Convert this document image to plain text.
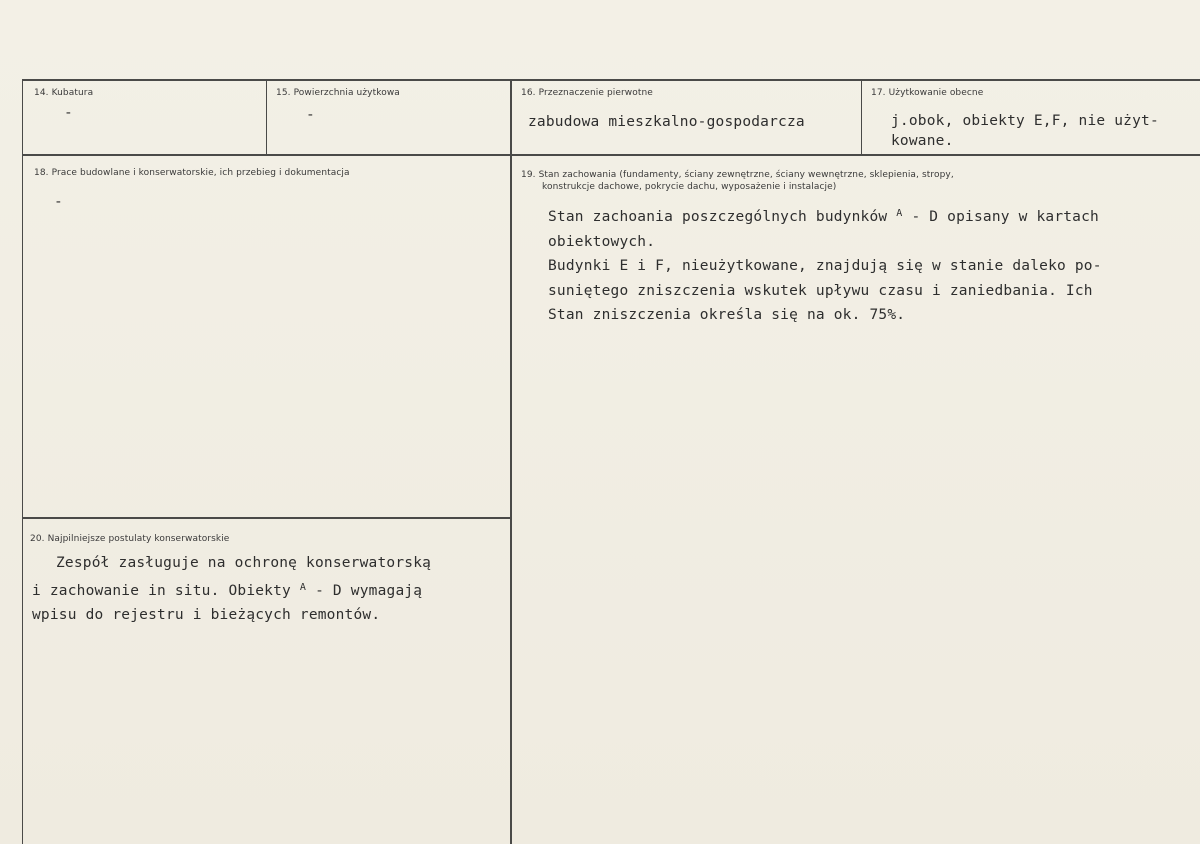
14. Kubatura
-
15. Powierzchnia użytkowa
-
16. Przeznaczenie pierwotne
zabudowa mieszkalno-gospodarcza
17. Użytkowanie obecne
j.obok, obiekty E,F, nie użyt-
kowane.
18. Prace budowlane i konserwatorskie, ich przebieg i dokumentacja
-
19. Stan zachowania (fundamenty, ściany zewnętrzne, ściany wewnętrzne, sklepienia, stropy,
konstrukcje dachowe, pokrycie dachu, wyposażenie i instalacje)
Stan zachoania poszczególnych budynków $^A$ - D opisany w kartach
obiektowych.
Budynki E i F, nieużytkowane, znajdują się w stanie daleko po-
suniętego zniszczenia wskutek upływu czasu i zaniedbania. Ich
Stan zniszczenia określa się na ok. 75%.
20. Najpilniejsze postulaty konserwatorskie
Zespół zasługuje na ochronę konserwatorską
i zachowanie in situ. Obiekty $^A$ - D wymagają
wpisu do rejestru i bieżących remontów.
